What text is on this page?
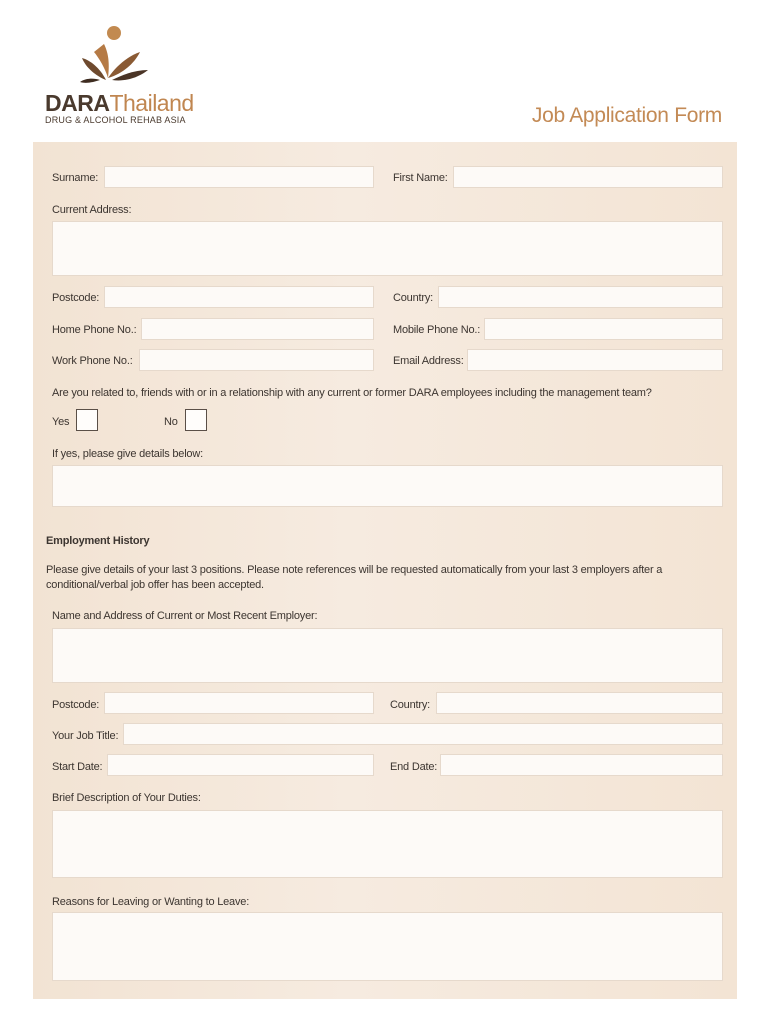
DARAThailand
DRUG & ALCOHOL REHAB ASIA	Job Application Form
Surname:	First Name:
Current Address:
Postcode:	Country:
Home Phone No.:	Mobile Phone No.:
Work Phone No.:	Email Address:
Are you related to, friends with or in a relationship with any current or former DARA employees including the management team?
Yes	No
If yes, please give details below:
Employment History
Please give details of your last 3 positions. Please note references will be requested automatically from your last 3 employers after a conditional/verbal job offer has been accepted.
Name and Address of Current or Most Recent Employer:
Postcode:	Country:
Your Job Title:
Start Date:	End Date:
Brief Description of Your Duties:
Reasons for Leaving or Wanting to Leave:
